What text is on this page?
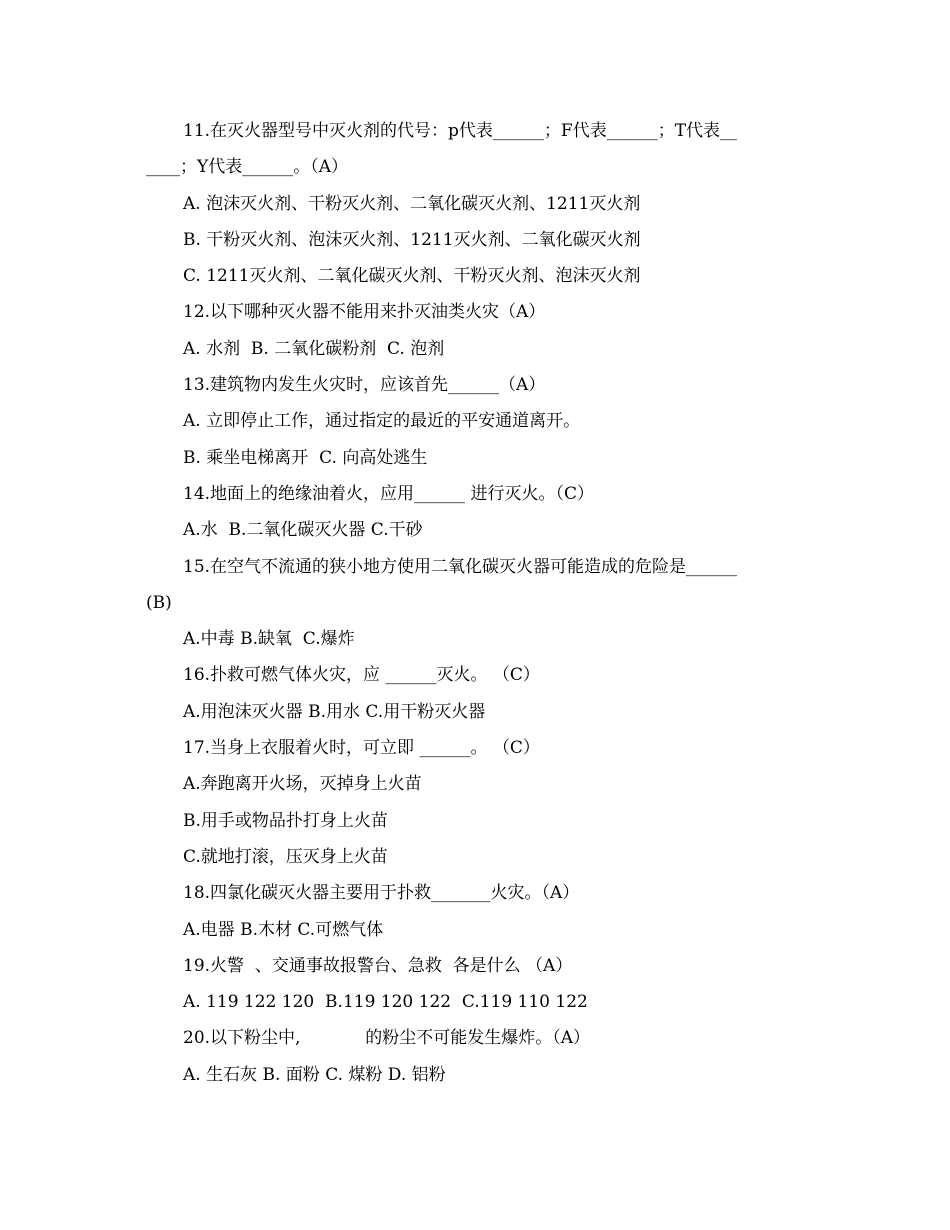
11.在灭火器型号中灭火剂的代号：p代表______；F代表______；T代表__
____；Y代表______。（A）
A. 泡沫灭火剂、干粉灭火剂、二氧化碳灭火剂、1211灭火剂
B. 干粉灭火剂、泡沫灭火剂、1211灭火剂、二氧化碳灭火剂
C. 1211灭火剂、二氧化碳灭火剂、干粉灭火剂、泡沫灭火剂
12.以下哪种灭火器不能用来扑灭油类火灾（A）
A. 水剂  B. 二氧化碳粉剂  C. 泡剂
13.建筑物内发生火灾时，应该首先______（A）
A. 立即停止工作，通过指定的最近的平安通道离开。
B. 乘坐电梯离开  C. 向高处逃生
14.地面上的绝缘油着火，应用______ 进行灭火。（C）
A.水  B.二氧化碳灭火器 C.干砂
15.在空气不流通的狭小地方使用二氧化碳灭火器可能造成的危险是______
(B)
A.中毒 B.缺氧  C.爆炸
16.扑救可燃气体火灾，应 ______灭火。 （C）
A.用泡沫灭火器 B.用水 C.用干粉灭火器
17.当身上衣服着火时，可立即 ______。 （C）
A.奔跑离开火场，灭掉身上火苗
B.用手或物品扑打身上火苗
C.就地打滚，压灭身上火苗
18.四氯化碳灭火器主要用于扑救_______火灾。（A）
A.电器 B.木材 C.可燃气体
19.火警  、交通事故报警台、急救  各是什么 （A）
A. 119 122 120  B.119 120 122  C.119 110 122
20.以下粉尘中,            的粉尘不可能发生爆炸。（A）
A. 生石灰 B. 面粉 C. 煤粉 D. 铝粉
